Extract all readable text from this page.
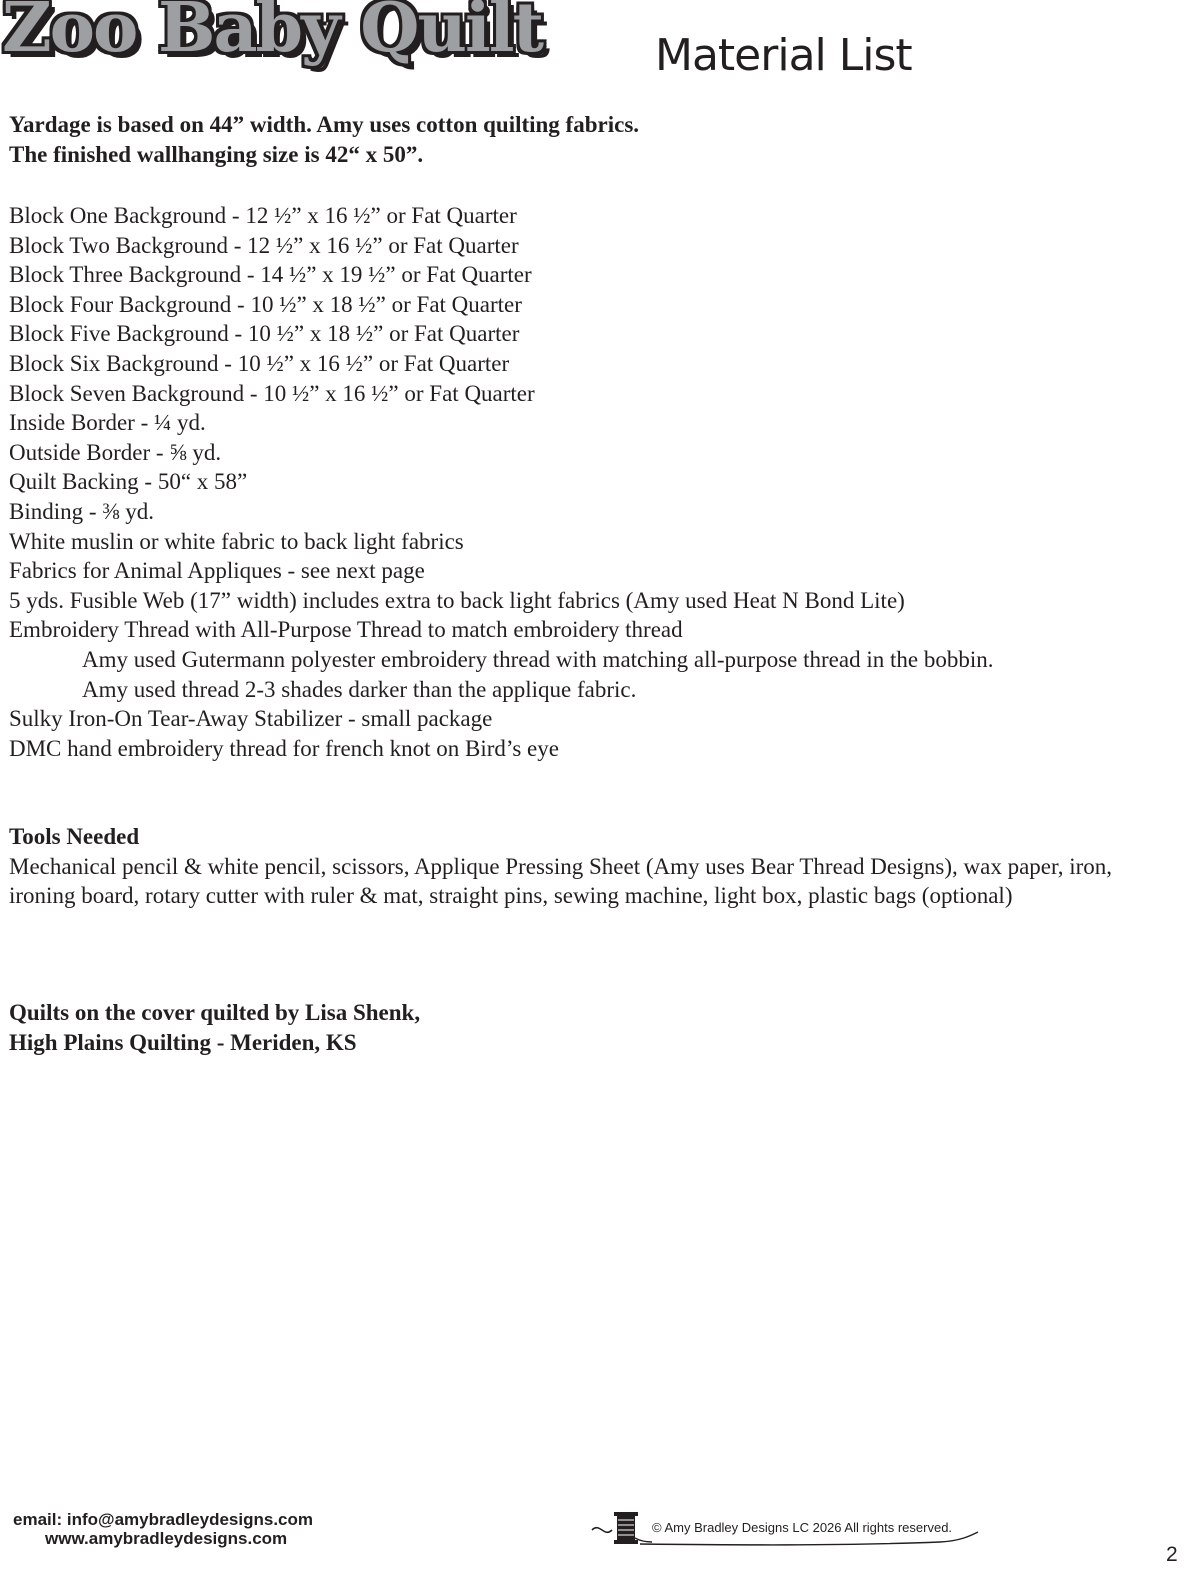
Zoo Baby Quilt	Material List
Yardage is based on 44” width. Amy uses cotton quilting fabrics.
The finished wallhanging size is 42“ x 50”.
Block One Background - 12 ½” x 16 ½” or Fat Quarter
Block Two Background - 12 ½” x 16 ½” or Fat Quarter
Block Three Background - 14 ½” x 19 ½” or Fat Quarter
Block Four Background - 10 ½” x 18 ½” or Fat Quarter
Block Five Background - 10 ½” x 18 ½” or Fat Quarter
Block Six Background - 10 ½” x 16 ½” or Fat Quarter
Block Seven Background - 10 ½” x 16 ½” or Fat Quarter
Inside Border - ¼ yd.
Outside Border - ⅝ yd.
Quilt Backing - 50“ x 58”
Binding - ⅜ yd.
White muslin or white fabric to back light fabrics
Fabrics for Animal Appliques - see next page
5 yds. Fusible Web (17” width) includes extra to back light fabrics (Amy used Heat N Bond Lite)
Embroidery Thread with All-Purpose Thread to match embroidery thread
Amy used Gutermann polyester embroidery thread with matching all-purpose thread in the bobbin.
Amy used thread 2-3 shades darker than the applique fabric.
Sulky Iron-On Tear-Away Stabilizer - small package
DMC hand embroidery thread for french knot on Bird’s eye
Tools Needed

Mechanical pencil & white pencil, scissors, Applique Pressing Sheet (Amy uses Bear Thread Designs), wax paper, iron, ironing board, rotary cutter with ruler & mat, straight pins, sewing machine, light box, plastic bags (optional)

Quilts on the cover quilted by Lisa Shenk,
High Plains Quilting - Meriden, KS
email: info@amybradleydesigns.com
www.amybradleydesigns.com
© Amy Bradley Designs LC 2026 All rights reserved.
2
